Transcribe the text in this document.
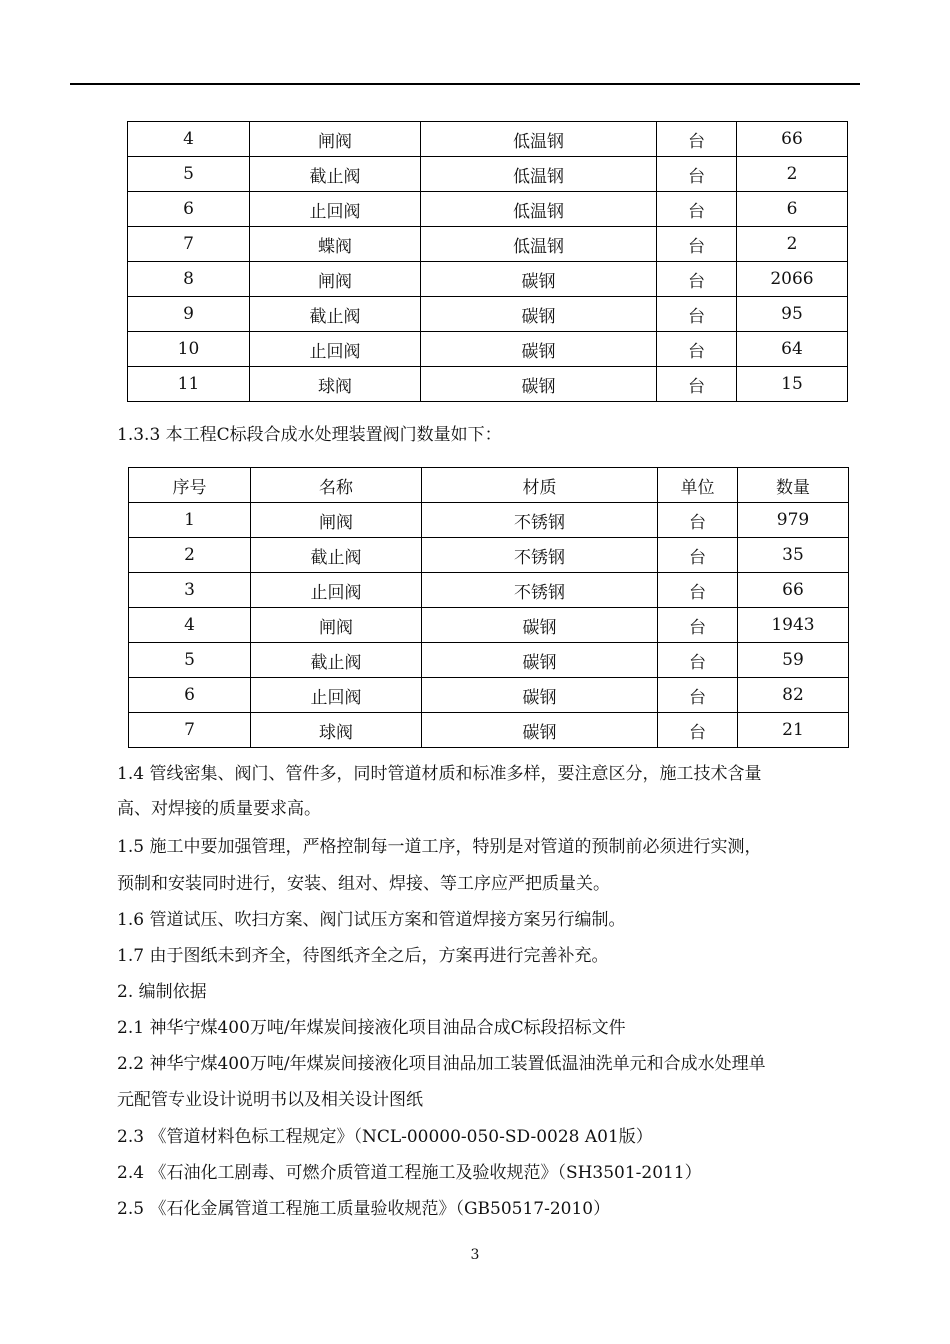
4	闸阀	低温钢	台	66
5	截止阀	低温钢	台	2
6	止回阀	低温钢	台	6
7	蝶阀	低温钢	台	2
8	闸阀	碳钢	台	2066
9	截止阀	碳钢	台	95
10	止回阀	碳钢	台	64
11	球阀	碳钢	台	15
1.3.3 本工程C标段合成水处理装置阀门数量如下：
序号	名称	材质	单位	数量
1	闸阀	不锈钢	台	979
2	截止阀	不锈钢	台	35
3	止回阀	不锈钢	台	66
4	闸阀	碳钢	台	1943
5	截止阀	碳钢	台	59
6	止回阀	碳钢	台	82
7	球阀	碳钢	台	21
1.4 管线密集、阀门、管件多，同时管道材质和标准多样，要注意区分，施工技术含量
高、对焊接的质量要求高。
1.5 施工中要加强管理，严格控制每一道工序，特别是对管道的预制前必须进行实测，
预制和安装同时进行，安装、组对、焊接、等工序应严把质量关。
1.6 管道试压、吹扫方案、阀门试压方案和管道焊接方案另行编制。
1.7 由于图纸未到齐全，待图纸齐全之后，方案再进行完善补充。
2. 编制依据
2.1 神华宁煤400万吨/年煤炭间接液化项目油品合成C标段招标文件
2.2 神华宁煤400万吨/年煤炭间接液化项目油品加工装置低温油洗单元和合成水处理单
元配管专业设计说明书以及相关设计图纸
2.3 《管道材料色标工程规定》（NCL-00000-050-SD-0028 A01版）
2.4 《石油化工剧毒、可燃介质管道工程施工及验收规范》（SH3501-2011）
2.5 《石化金属管道工程施工质量验收规范》（GB50517-2010）
3
